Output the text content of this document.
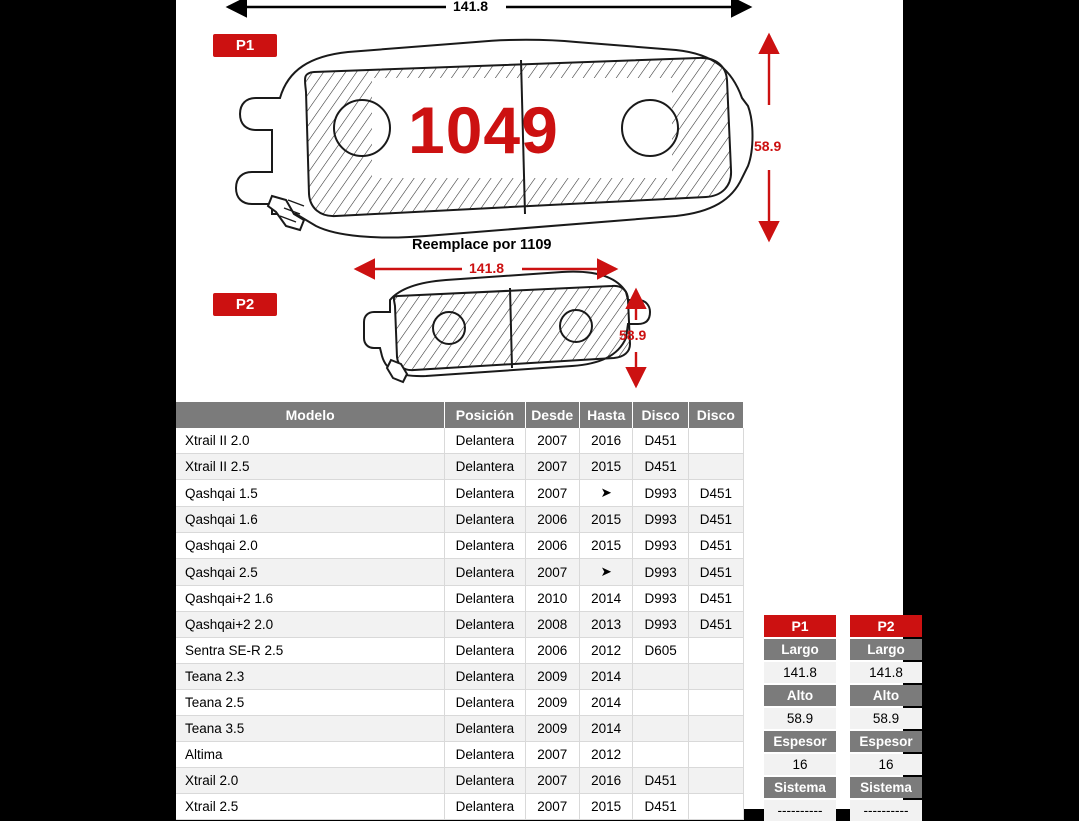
P1
P2
141.8
58.9
141.8
58.9
1049
Reemplace por 1109
Modelo	Posición	Desde	Hasta	Disco	Disco
Xtrail II 2.0	Delantera	2007	2016	D451	
Xtrail II 2.5	Delantera	2007	2015	D451	
Qashqai 1.5	Delantera	2007	➤	D993	D451
Qashqai 1.6	Delantera	2006	2015	D993	D451
Qashqai 2.0	Delantera	2006	2015	D993	D451
Qashqai 2.5	Delantera	2007	➤	D993	D451
Qashqai+2 1.6	Delantera	2010	2014	D993	D451
Qashqai+2 2.0	Delantera	2008	2013	D993	D451
Sentra SE-R 2.5	Delantera	2006	2012	D605	
Teana 2.3	Delantera	2009	2014		
Teana 2.5	Delantera	2009	2014		
Teana 3.5	Delantera	2009	2014		
Altima	Delantera	2007	2012		
Xtrail 2.0	Delantera	2007	2016	D451	
Xtrail 2.5	Delantera	2007	2015	D451	
P1
Largo
141.8
Alto
58.9
Espesor
16
Sistema
----------
P2
Largo
141.8
Alto
58.9
Espesor
16
Sistema
----------
